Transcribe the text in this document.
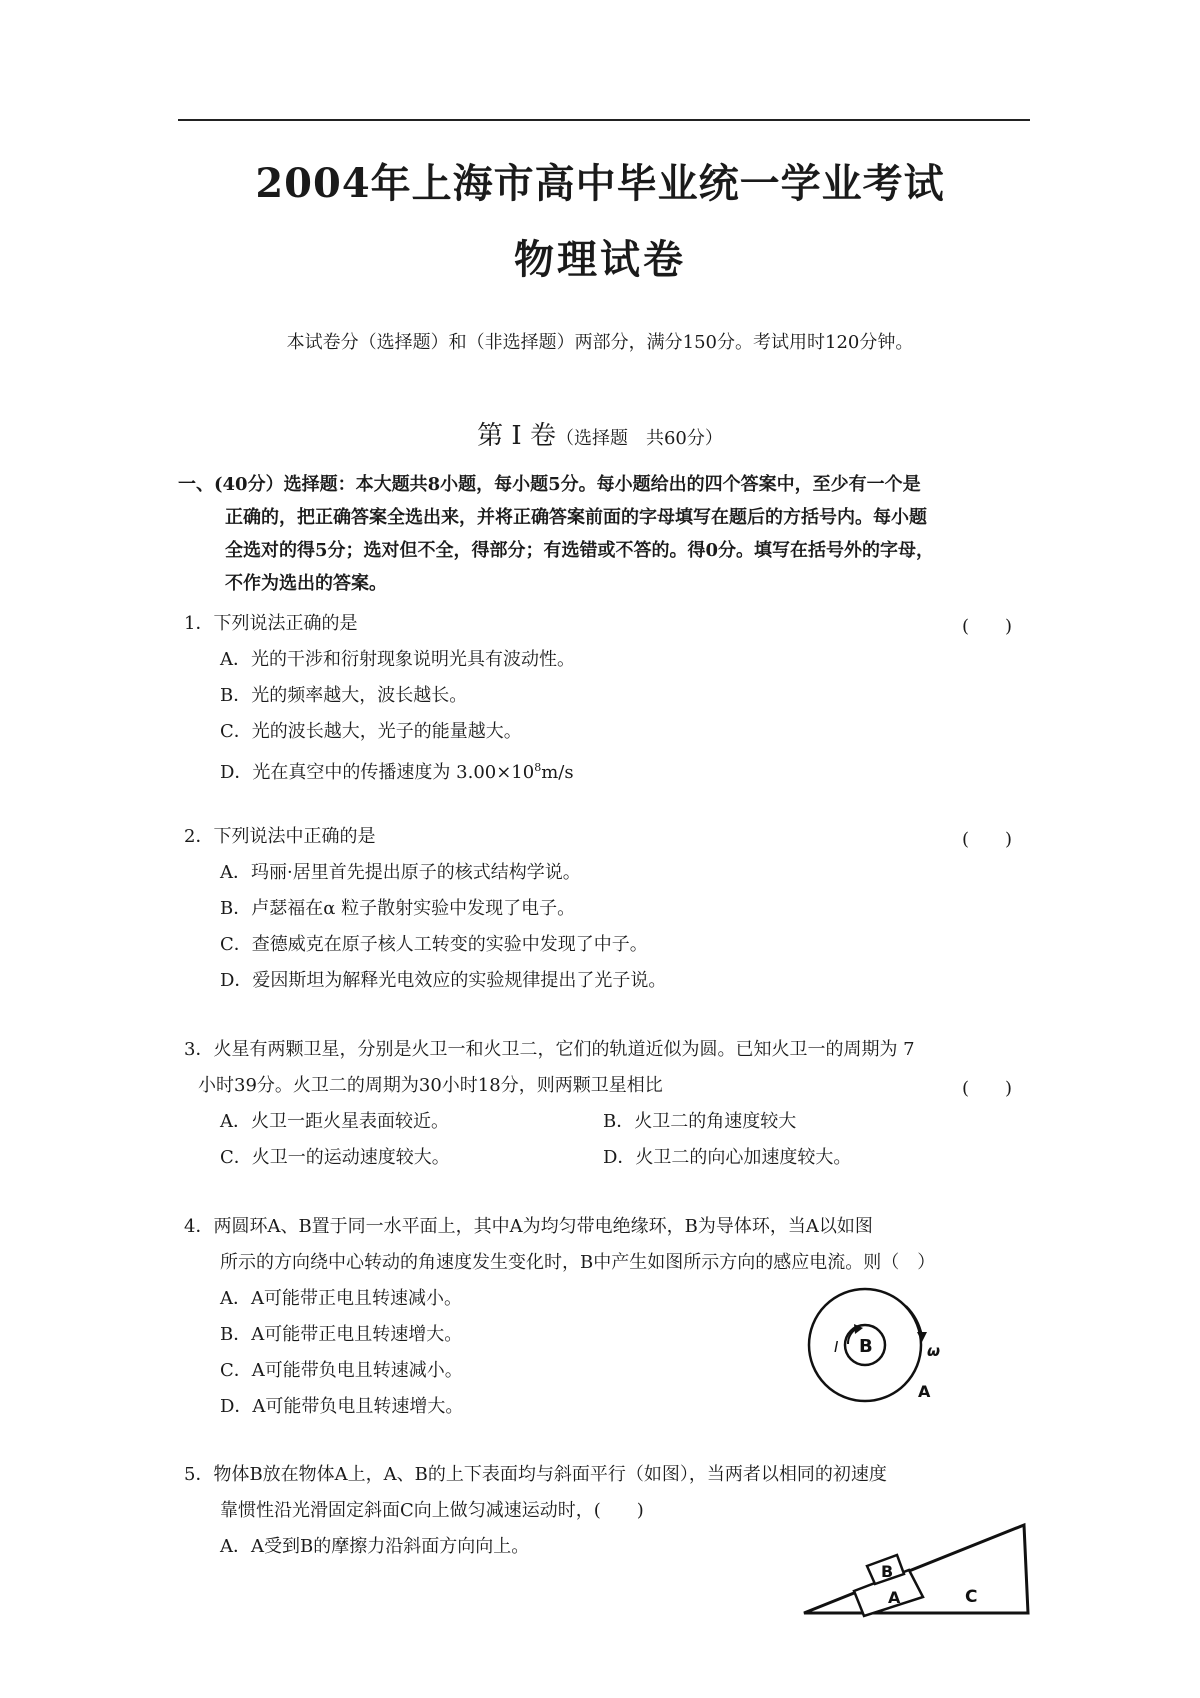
2004年上海市高中毕业统一学业考试
物理试卷
本试卷分（选择题）和（非选择题）两部分，满分150分。考试用时120分钟。
第 I 卷（选择题　共60分）
一、(40分）选择题：本大题共8小题，每小题5分。每小题给出的四个答案中，至少有一个是
正确的，把正确答案全选出来，并将正确答案前面的字母填写在题后的方括号内。每小题
全选对的得5分；选对但不全，得部分；有选错或不答的。得0分。填写在括号外的字母，
不作为选出的答案。
1．下列说法正确的是	(　　)
A．光的干涉和衍射现象说明光具有波动性。
B．光的频率越大，波长越长。
C．光的波长越大，光子的能量越大。
D．光在真空中的传播速度为 $3.00\times 10^8m/s$
2．下列说法中正确的是	(　　)
A．玛丽·居里首先提出原子的核式结构学说。
B．卢瑟福在α 粒子散射实验中发现了电子。
C．查德威克在原子核人工转变的实验中发现了中子。
D．爱因斯坦为解释光电效应的实验规律提出了光子说。
3．火星有两颗卫星，分别是火卫一和火卫二，它们的轨道近似为圆。已知火卫一的周期为 7
小时39分。火卫二的周期为30小时18分，则两颗卫星相比	(　　)
A．火卫一距火星表面较近。	B．火卫二的角速度较大
C．火卫一的运动速度较大。	D．火卫二的向心加速度较大。
4．两圆环A、B置于同一水平面上，其中A为均匀带电绝缘环，B为导体环，当A以如图
所示的方向绕中心转动的角速度发生变化时，B中产生如图所示方向的感应电流。则（　）
A．A可能带正电且转速减小。
B．A可能带正电且转速增大。
C．A可能带负电且转速减小。
D．A可能带负电且转速增大。
B
I	ω
A
5．物体B放在物体A上，A、B的上下表面均与斜面平行（如图），当两者以相同的初速度
靠惯性沿光滑固定斜面C向上做匀减速运动时，(　　)
A．A受到B的摩擦力沿斜面方向向上。
B
A	C
